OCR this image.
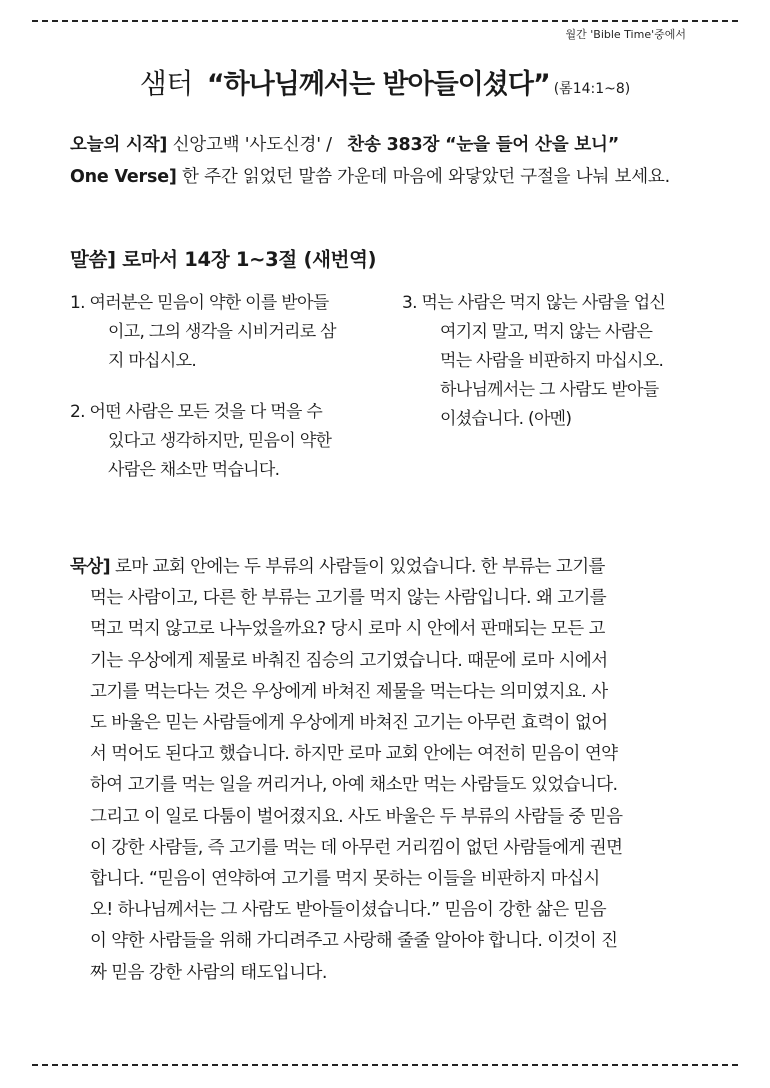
월간 'Bible Time'중에서
샘터 “하나님께서는 받아들이셨다” (롬14:1~8)
오늘의 시작] 신앙고백 '사도신경' / 찬송 383장 “눈을 들어 산을 보니”
One Verse] 한 주간 읽었던 말씀 가운데 마음에 와닿았던 구절을 나눠 보세요.
말씀] 로마서 14장 1~3절 (새번역)
1. 여러분은 믿음이 약한 이를 받아들
이고, 그의 생각을 시비거리로 삼
지 마십시오.
2. 어떤 사람은 모든 것을 다 먹을 수
있다고 생각하지만, 믿음이 약한
사람은 채소만 먹습니다.
3. 먹는 사람은 먹지 않는 사람을 업신
여기지 말고, 먹지 않는 사람은
먹는 사람을 비판하지 마십시오.
하나님께서는 그 사람도 받아들
이셨습니다. (아멘)
묵상] 로마 교회 안에는 두 부류의 사람들이 있었습니다. 한 부류는 고기를
먹는 사람이고, 다른 한 부류는 고기를 먹지 않는 사람입니다. 왜 고기를
먹고 먹지 않고로 나누었을까요? 당시 로마 시 안에서 판매되는 모든 고
기는 우상에게 제물로 바춰진 짐승의 고기였습니다. 때문에 로마 시에서
고기를 먹는다는 것은 우상에게 바쳐진 제물을 먹는다는 의미였지요. 사
도 바울은 믿는 사람들에게 우상에게 바쳐진 고기는 아무런 효력이 없어
서 먹어도 된다고 했습니다. 하지만 로마 교회 안에는 여전히 믿음이 연약
하여 고기를 먹는 일을 꺼리거나, 아예 채소만 먹는 사람들도 있었습니다.
그리고 이 일로 다툼이 벌어졌지요. 사도 바울은 두 부류의 사람들 중 믿음
이 강한 사람들, 즉 고기를 먹는 데 아무런 거리낌이 없던 사람들에게 권면
합니다. “믿음이 연약하여 고기를 먹지 못하는 이들을 비판하지 마십시
오! 하나님께서는 그 사람도 받아들이셨습니다.” 믿음이 강한 삶은 믿음
이 약한 사람들을 위해 가디려주고 사랑해 줄줄 알아야 합니다. 이것이 진
짜 믿음 강한 사람의 태도입니다.
